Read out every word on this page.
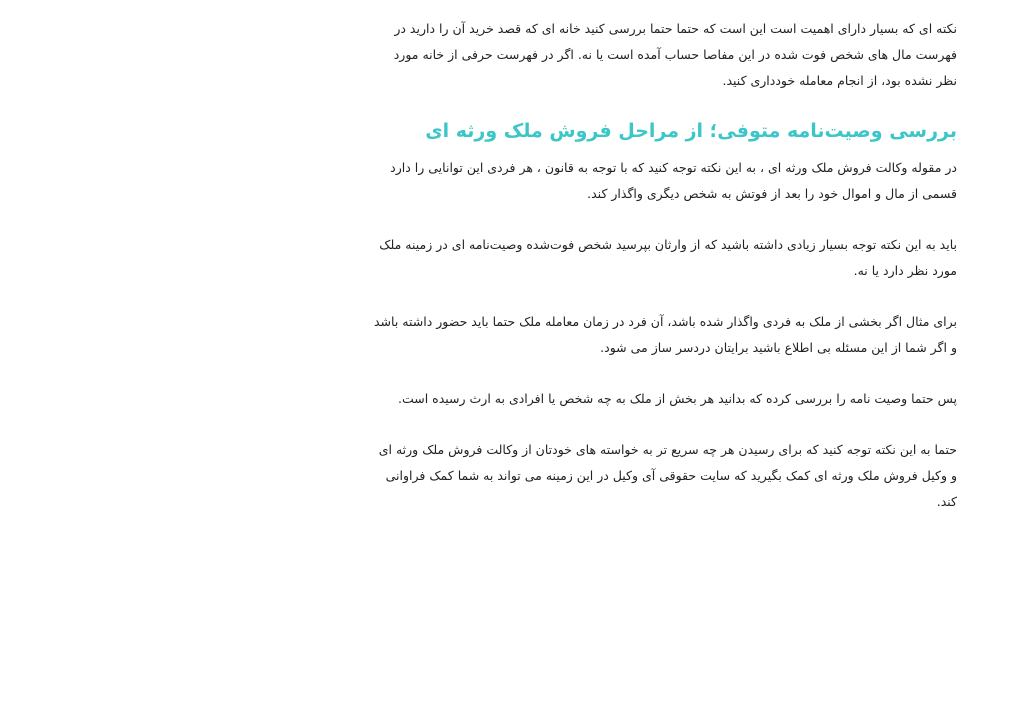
نکته ای که بسیار دارای اهمیت است این است که حتما حتما بررسی کنید خانه ای که قصد خرید آن را دارید در فهرست مال های شخص فوت شده در این مفاصا حساب آمده است یا نه. اگر در فهرست حرفی از خانه مورد نظر نشده بود، از انجام معامله خودداری کنید.

بررسی وصیت‌نامه متوفی؛ از مراحل فروش ملک ورثه ای

در مقوله وکالت فروش ملک ورثه ای ، به این نکته توجه کنید که با توجه به قانون ، هر فردی این توانایی را دارد قسمی از مال و اموال خود را بعد از فوتش به شخص دیگری واگذار کند.

باید به این نکته توجه بسیار زیادی داشته باشید که از وارثان بپرسید شخص فوت‌شده وصیت‌نامه ای در زمینه ملک مورد نظر دارد یا نه.

برای مثال اگر بخشی از ملک به فردی واگذار شده باشد، آن فرد در زمان معامله ملک حتما باید حضور داشته باشد و اگر شما از این مسئله بی اطلاع باشید برایتان دردسر ساز می شود.

پس حتما وصیت نامه را بررسی کرده که بدانید هر بخش از ملک به چه شخص یا افرادی به ارث رسیده است.

حتما به این نکته توجه کنید که برای رسیدن هر چه سریع تر به خواسته های خودتان از وکالت فروش ملک ورثه ای و وکیل فروش ملک ورثه ای کمک بگیرید که سایت حقوقی آی وکیل در این زمینه می تواند به شما کمک فراوانی کند.
